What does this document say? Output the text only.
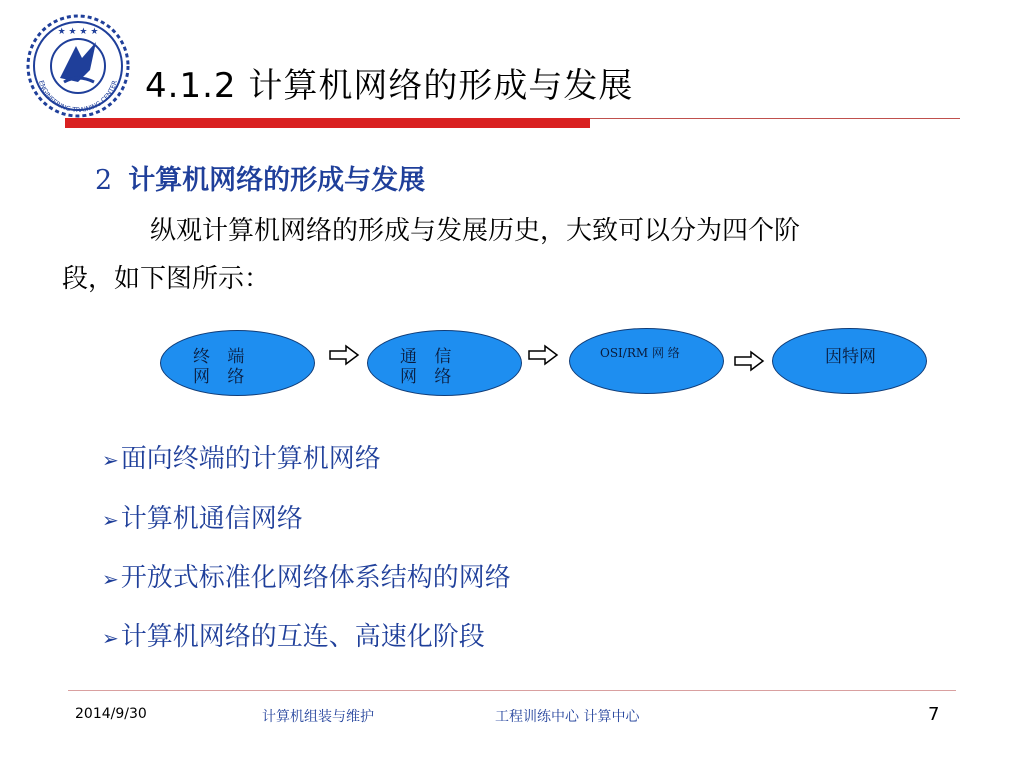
★ ★ ★ ★
ENGINEERING TRAINING CENTER 4.1.2 计算机网络的形成与发展
2 计算机网络的形成与发展
纵观计算机网络的形成与发展历史，大致可以分为四个阶
段，如下图所示：
终 端 网 络
通 信 网 络
OSI/RM 网 络	因特网
➢面向终端的计算机网络
➢计算机通信网络
➢开放式标准化网络体系结构的网络
➢计算机网络的互连、高速化阶段
2014/9/30	计算机组装与维护	工程训练中心 计算中心	7
